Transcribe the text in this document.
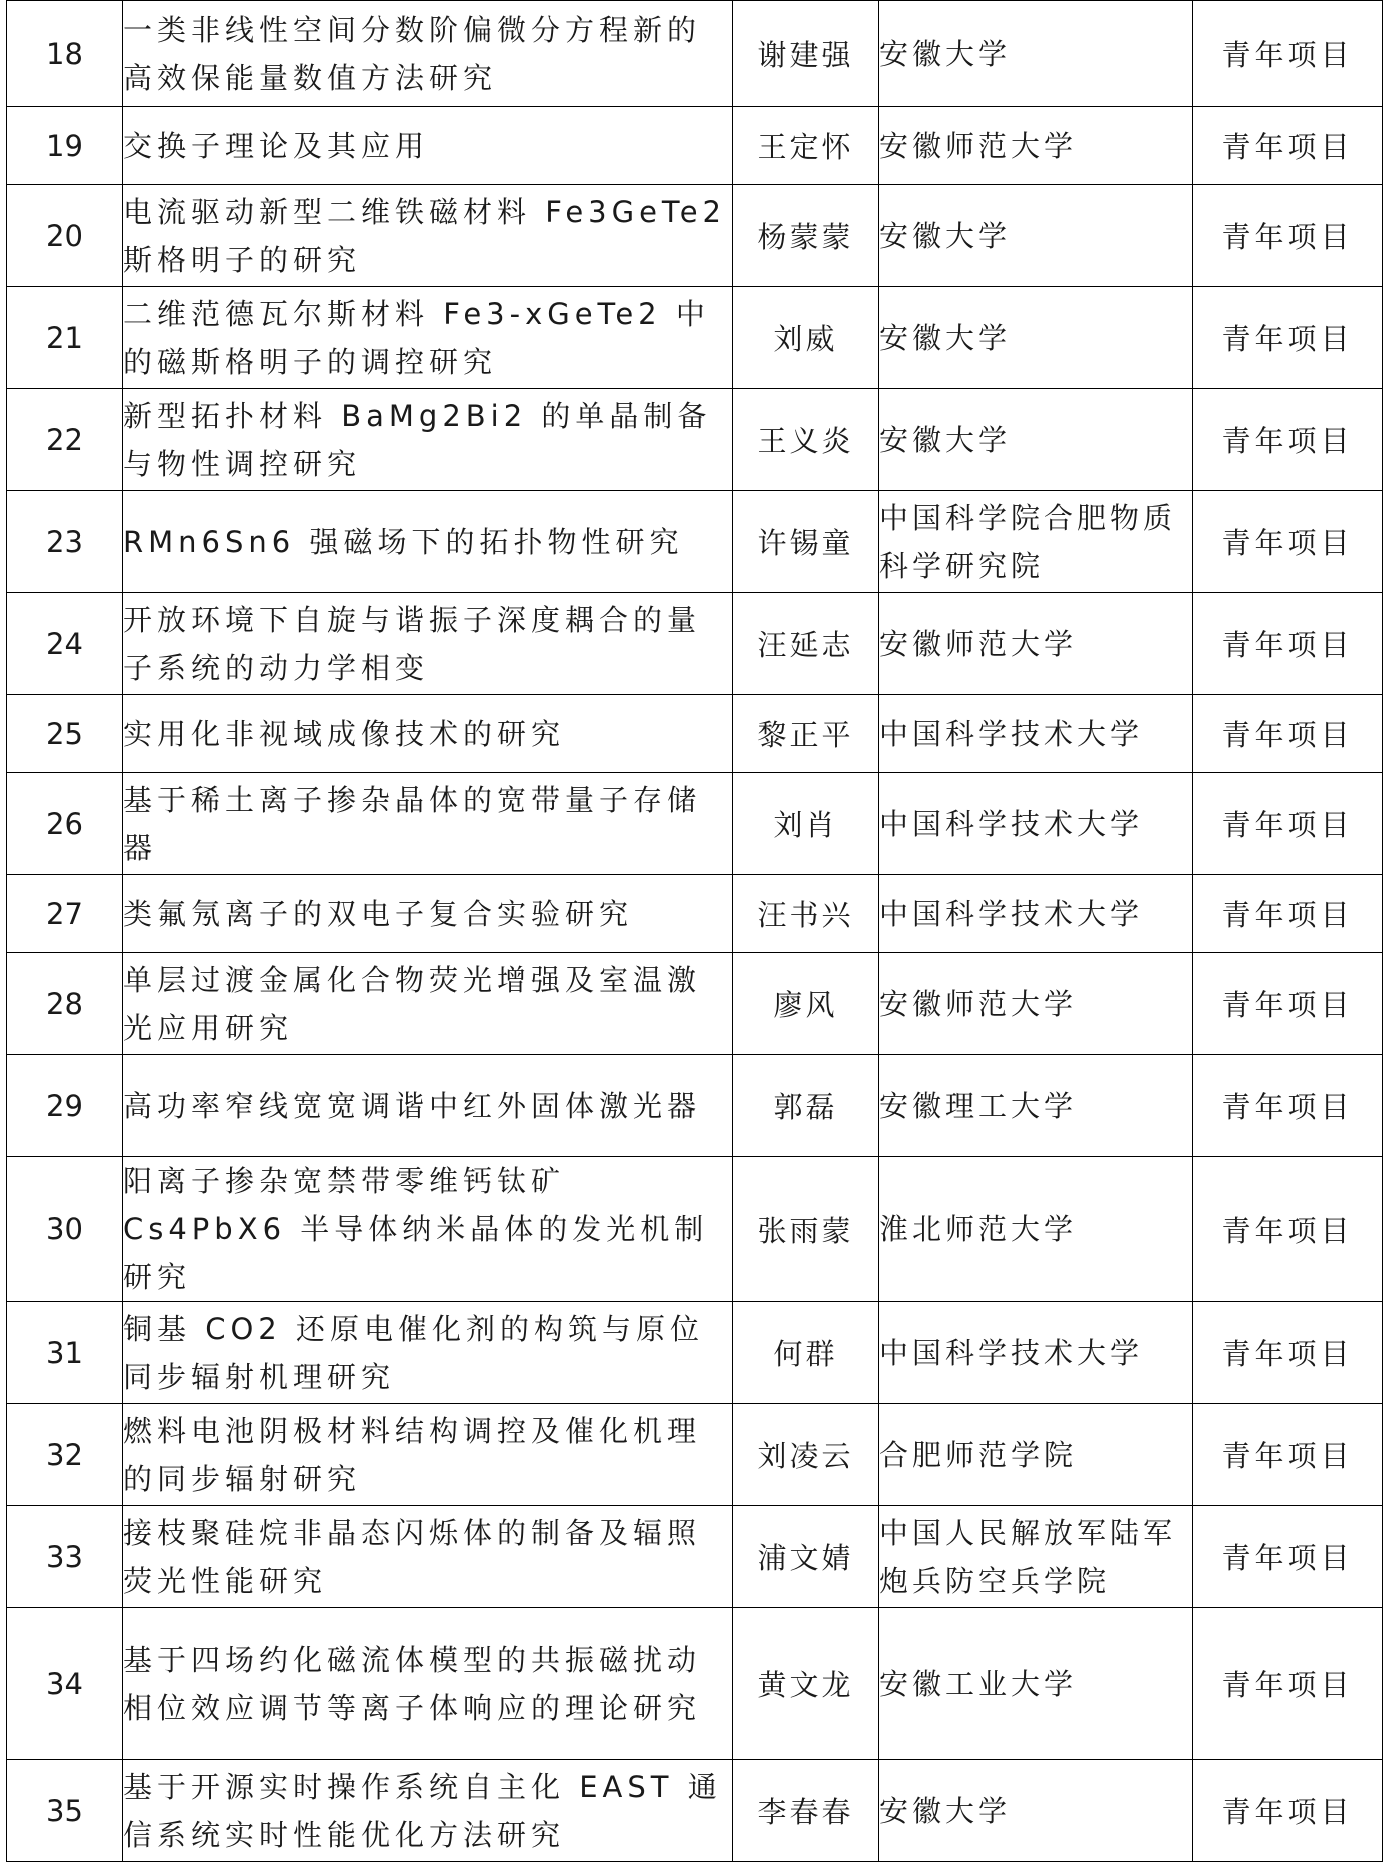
18	一类非线性空间分数阶偏微分方程新的高效保能量数值方法研究	谢建强	安徽大学	青年项目
19	交换子理论及其应用	王定怀	安徽师范大学	青年项目
20	电流驱动新型二维铁磁材料 Fe3GeTe2 斯格明子的研究	杨蒙蒙	安徽大学	青年项目
21	二维范德瓦尔斯材料 Fe3-xGeTe2 中的磁斯格明子的调控研究	刘威	安徽大学	青年项目
22	新型拓扑材料 BaMg2Bi2 的单晶制备与物性调控研究	王义炎	安徽大学	青年项目
23	RMn6Sn6 强磁场下的拓扑物性研究	许锡童	中国科学院合肥物质科学研究院	青年项目
24	开放环境下自旋与谐振子深度耦合的量子系统的动力学相变	汪延志	安徽师范大学	青年项目
25	实用化非视域成像技术的研究	黎正平	中国科学技术大学	青年项目
26	基于稀土离子掺杂晶体的宽带量子存储器	刘肖	中国科学技术大学	青年项目
27	类氟氖离子的双电子复合实验研究	汪书兴	中国科学技术大学	青年项目
28	单层过渡金属化合物荧光增强及室温激光应用研究	廖风	安徽师范大学	青年项目
29	高功率窄线宽宽调谐中红外固体激光器	郭磊	安徽理工大学	青年项目
30	阳离子掺杂宽禁带零维钙钛矿 Cs4PbX6 半导体纳米晶体的发光机制研究	张雨蒙	淮北师范大学	青年项目
31	铜基 CO2 还原电催化剂的构筑与原位同步辐射机理研究	何群	中国科学技术大学	青年项目
32	燃料电池阴极材料结构调控及催化机理的同步辐射研究	刘凌云	合肥师范学院	青年项目
33	接枝聚硅烷非晶态闪烁体的制备及辐照荧光性能研究	浦文婧	中国人民解放军陆军炮兵防空兵学院	青年项目
34	基于四场约化磁流体模型的共振磁扰动相位效应调节等离子体响应的理论研究	黄文龙	安徽工业大学	青年项目
35	基于开源实时操作系统自主化 EAST 通信系统实时性能优化方法研究	李春春	安徽大学	青年项目
